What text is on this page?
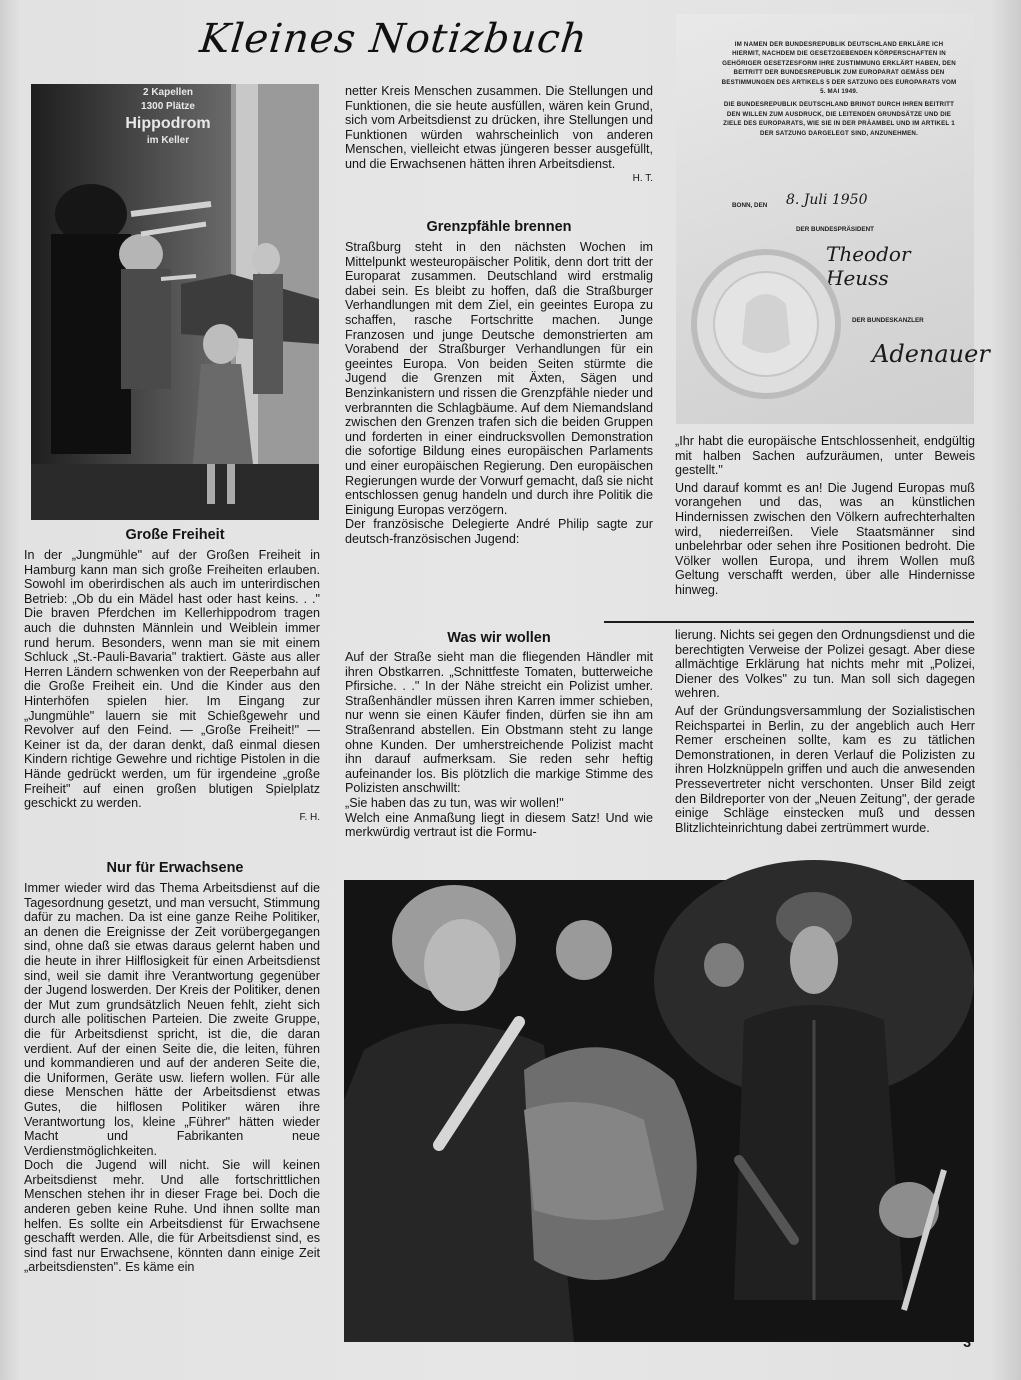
Kleines Notizbuch
2 Kapellen
1300 Plätze
Hippodrom
im Keller
Große Freiheit

In der „Jungmühle" auf der Großen Freiheit in Hamburg kann man sich große Freiheiten erlauben. Sowohl im oberirdischen als auch im unterirdischen Betrieb: „Ob du ein Mädel hast oder hast keins. . ." Die braven Pferdchen im Kellerhippodrom tragen auch die duhnsten Männlein und Weiblein immer rund herum. Besonders, wenn man sie mit einem Schluck „St.-Pauli-Bavaria" traktiert. Gäste aus aller Herren Ländern schwenken von der Reeperbahn auf die Große Freiheit ein. Und die Kinder aus den Hinterhöfen spielen hier. Im Eingang zur „Jungmühle" lauern sie mit Schießgewehr und Revolver auf den Feind. — „Große Freiheit!" — Keiner ist da, der daran denkt, daß einmal diesen Kindern richtige Gewehre und richtige Pistolen in die Hände gedrückt werden, um für irgendeine „große Freiheit" auf einen großen blutigen Spielplatz geschickt zu werden.

F. H.

Nur für Erwachsene

Immer wieder wird das Thema Arbeitsdienst auf die Tagesordnung gesetzt, und man versucht, Stimmung dafür zu machen. Da ist eine ganze Reihe Politiker, an denen die Ereignisse der Zeit vorübergegangen sind, ohne daß sie etwas daraus gelernt haben und die heute in ihrer Hilflosigkeit für einen Arbeitsdienst sind, weil sie damit ihre Verantwortung gegenüber der Jugend loswerden. Der Kreis der Politiker, denen der Mut zum grundsätzlich Neuen fehlt, zieht sich durch alle politischen Parteien. Die zweite Gruppe, die für Arbeitsdienst spricht, ist die, die daran verdient. Auf der einen Seite die, die leiten, führen und kommandieren und auf der anderen Seite die, die Uniformen, Geräte usw. liefern wollen. Für alle diese Menschen hätte der Arbeitsdienst etwas Gutes, die hilflosen Politiker wären ihre Verantwortung los, kleine „Führer" hätten wieder Macht und Fabrikanten neue Verdienstmöglichkeiten.

Doch die Jugend will nicht. Sie will keinen Arbeitsdienst mehr. Und alle fortschrittlichen Menschen stehen ihr in dieser Frage bei. Doch die anderen geben keine Ruhe. Und ihnen sollte man helfen. Es sollte ein Arbeitsdienst für Erwachsene geschafft werden. Alle, die für Arbeitsdienst sind, es sind fast nur Erwachsene, könnten dann einige Zeit „arbeitsdiensten". Es käme ein

netter Kreis Menschen zusammen. Die Stellungen und Funktionen, die sie heute ausfüllen, wären kein Grund, sich vom Arbeitsdienst zu drücken, ihre Stellungen und Funktionen würden wahrscheinlich von anderen Menschen, vielleicht etwas jüngeren besser ausgefüllt, und die Erwachsenen hätten ihren Arbeitsdienst.

H. T.

Grenzpfähle brennen

Straßburg steht in den nächsten Wochen im Mittelpunkt westeuropäischer Politik, denn dort tritt der Europarat zusammen. Deutschland wird erstmalig dabei sein. Es bleibt zu hoffen, daß die Straßburger Verhandlungen mit dem Ziel, ein geeintes Europa zu schaffen, rasche Fortschritte machen. Junge Franzosen und junge Deutsche demonstrierten am Vorabend der Straßburger Verhandlungen für ein geeintes Europa. Von beiden Seiten stürmte die Jugend die Grenzen mit Äxten, Sägen und Benzinkanistern und rissen die Grenzpfähle nieder und verbrannten die Schlagbäume. Auf dem Niemandsland zwischen den Grenzen trafen sich die beiden Gruppen und forderten in einer eindrucksvollen Demonstration die sofortige Bildung eines europäischen Parlaments und einer europäischen Regierung. Den europäischen Regierungen wurde der Vorwurf gemacht, daß sie nicht entschlossen genug handeln und durch ihre Politik die Einigung Europas verzögern.

Der französische Delegierte André Philip sagte zur deutsch-französischen Jugend:

IM NAMEN DER BUNDESREPUBLIK DEUTSCHLAND ERKLÄRE ICH HIERMIT, NACHDEM DIE GESETZGEBENDEN KÖRPERSCHAFTEN IN GEHÖRIGER GESETZESFORM IHRE ZUSTIMMUNG ERKLÄRT HABEN, DEN BEITRITT DER BUNDESREPUBLIK ZUM EUROPARAT GEMÄSS DEN BESTIMMUNGEN DES ARTIKELS 5 DER SATZUNG DES EUROPARATS VOM 5. MAI 1949.
DIE BUNDESREPUBLIK DEUTSCHLAND BRINGT DURCH IHREN BEITRITT DEN WILLEN ZUM AUSDRUCK, DIE LEITENDEN GRUNDSÄTZE UND DIE ZIELE DES EUROPARATS, WIE SIE IN DER PRÄAMBEL UND IM ARTIKEL 1 DER SATZUNG DARGELEGT SIND, ANZUNEHMEN.
BONN, DEN 8. Juli 1950
DER BUNDESPRÄSIDENT
Theodor Heuss
DER BUNDESKANZLER
Adenauer

„Ihr habt die europäische Entschlossenheit, endgültig mit halben Sachen aufzuräumen, unter Beweis gestellt."

Und darauf kommt es an! Die Jugend Europas muß vorangehen und das, was an künstlichen Hindernissen zwischen den Völkern aufrechterhalten wird, niederreißen. Viele Staatsmänner sind unbelehrbar oder sehen ihre Positionen bedroht. Die Völker wollen Europa, und ihrem Wollen muß Geltung verschafft werden, über alle Hindernisse hinweg.

Was wir wollen

Auf der Straße sieht man die fliegenden Händler mit ihren Obstkarren. „Schnittfeste Tomaten, butterweiche Pfirsiche. . ." In der Nähe streicht ein Polizist umher. Straßenhändler müssen ihren Karren immer schieben, nur wenn sie einen Käufer finden, dürfen sie ihn am Straßenrand abstellen. Ein Obstmann steht zu lange ohne Kunden. Der umherstreichende Polizist macht ihn darauf aufmerksam. Sie reden sehr heftig aufeinander los. Bis plötzlich die markige Stimme des Polizisten anschwillt:

„Sie haben das zu tun, was wir wollen!"

Welch eine Anmaßung liegt in diesem Satz! Und wie merkwürdig vertraut ist die Formu-

lierung. Nichts sei gegen den Ordnungsdienst und die berechtigten Verweise der Polizei gesagt. Aber diese allmächtige Erklärung hat nichts mehr mit „Polizei, Diener des Volkes" zu tun. Man soll sich dagegen wehren.

Auf der Gründungsversammlung der Sozialistischen Reichspartei in Berlin, zu der angeblich auch Herr Remer erscheinen sollte, kam es zu tätlichen Demonstrationen, in deren Verlauf die Polizisten zu ihren Holzknüppeln griffen und auch die anwesenden Pressevertreter nicht verschonten. Unser Bild zeigt den Bildreporter von der „Neuen Zeitung", der gerade einige Schläge einstecken muß und dessen Blitzlichteinrichtung dabei zertrümmert wurde.

3
